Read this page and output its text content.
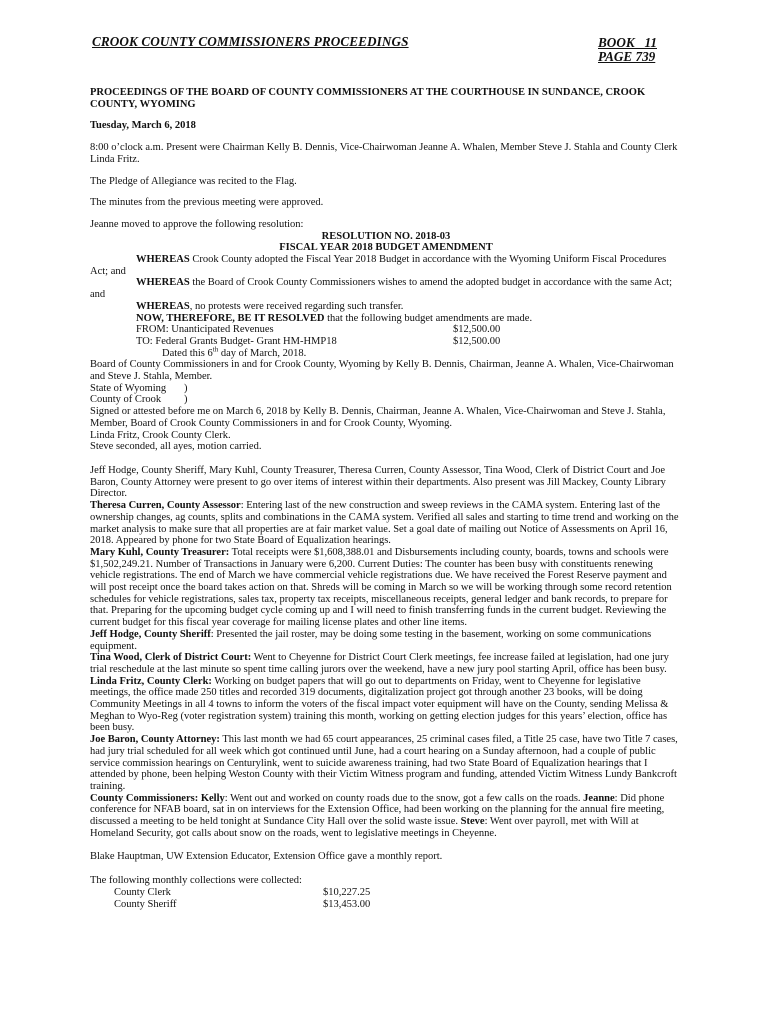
CROOK COUNTY COMMISSIONERS PROCEEDINGS	BOOK   11
PAGE 739

PROCEEDINGS OF THE BOARD OF COUNTY COMMISSIONERS AT THE COURTHOUSE IN SUNDANCE, CROOK COUNTY, WYOMING

Tuesday, March 6, 2018

8:00 o’clock a.m. Present were Chairman Kelly B. Dennis, Vice-Chairwoman Jeanne A. Whalen, Member Steve J. Stahla and County Clerk Linda Fritz.

The Pledge of Allegiance was recited to the Flag.

The minutes from the previous meeting were approved.

Jeanne moved to approve the following resolution:

RESOLUTION NO. 2018-03

FISCAL YEAR 2018 BUDGET AMENDMENT

WHEREAS Crook County adopted the Fiscal Year 2018 Budget in accordance with the Wyoming Uniform Fiscal Procedures Act; and

WHEREAS the Board of Crook County Commissioners wishes to amend the adopted budget in accordance with the same Act; and

WHEREAS, no protests were received regarding such transfer.

NOW, THEREFORE, BE IT RESOLVED that the following budget amendments are made.

FROM: Unanticipated Revenues	$12,500.00
TO: Federal Grants Budget- Grant HM-HMP18	$12,500.00

Dated this 6th day of March, 2018.

Board of County Commissioners in and for Crook County, Wyoming by Kelly B. Dennis, Chairman, Jeanne A. Whalen, Vice-Chairwoman and Steve J. Stahla, Member.

State of Wyoming	)
County of Crook	)

Signed or attested before me on March 6, 2018 by Kelly B. Dennis, Chairman, Jeanne A. Whalen, Vice-Chairwoman and Steve J. Stahla, Member, Board of Crook County Commissioners in and for Crook County, Wyoming.

Linda Fritz, Crook County Clerk.

Steve seconded, all ayes, motion carried.

Jeff Hodge, County Sheriff, Mary Kuhl, County Treasurer, Theresa Curren, County Assessor, Tina Wood, Clerk of District Court and Joe Baron, County Attorney were present to go over items of interest within their departments. Also present was Jill Mackey, County Library Director.

Theresa Curren, County Assessor: Entering last of the new construction and sweep reviews in the CAMA system. Entering last of the ownership changes, ag counts, splits and combinations in the CAMA system. Verified all sales and starting to time trend and working on the market analysis to make sure that all properties are at fair market value. Set a goal date of mailing out Notice of Assessments on April 16, 2018. Appeared by phone for two State Board of Equalization hearings.

Mary Kuhl, County Treasurer: Total receipts were $1,608,388.01 and Disbursements including county, boards, towns and schools were $1,502,249.21. Number of Transactions in January were 6,200. Current Duties: The counter has been busy with constituents renewing vehicle registrations. The end of March we have commercial vehicle registrations due. We have received the Forest Reserve payment and will post receipt once the board takes action on that. Shreds will be coming in March so we will be working through some record retention schedules for vehicle registrations, sales tax, property tax receipts, miscellaneous receipts, general ledger and bank records, to prepare for that. Preparing for the upcoming budget cycle coming up and I will need to finish transferring funds in the current budget. Reviewing the current budget for this fiscal year coverage for mailing license plates and other line items.

Jeff Hodge, County Sheriff: Presented the jail roster, may be doing some testing in the basement, working on some communications equipment.

Tina Wood, Clerk of District Court: Went to Cheyenne for District Court Clerk meetings, fee increase failed at legislation, had one jury trial reschedule at the last minute so spent time calling jurors over the weekend, have a new jury pool starting April, office has been busy.

Linda Fritz, County Clerk: Working on budget papers that will go out to departments on Friday, went to Cheyenne for legislative meetings, the office made 250 titles and recorded 319 documents, digitalization project got through another 23 books, will be doing Community Meetings in all 4 towns to inform the voters of the fiscal impact voter equipment will have on the County, sending Melissa & Meghan to Wyo-Reg (voter registration system) training this month, working on getting election judges for this years’ election, office has been busy.

Joe Baron, County Attorney: This last month we had 65 court appearances, 25 criminal cases filed, a Title 25 case, have two Title 7 cases, had jury trial scheduled for all week which got continued until June, had a court hearing on a Sunday afternoon, had a couple of public service commission hearings on Centurylink, went to suicide awareness training, had two State Board of Equalization hearings that I attended by phone, been helping Weston County with their Victim Witness program and funding, attended Victim Witness Lundy Bankcroft training.

County Commissioners: Kelly: Went out and worked on county roads due to the snow, got a few calls on the roads. Jeanne: Did phone conference for NFAB board, sat in on interviews for the Extension Office, had been working on the planning for the annual fire meeting, discussed a meeting to be held tonight at Sundance City Hall over the solid waste issue. Steve: Went over payroll, met with Will at Homeland Security, got calls about snow on the roads, went to legislative meetings in Cheyenne.

Blake Hauptman, UW Extension Educator, Extension Office gave a monthly report.

The following monthly collections were collected:

County Clerk	$10,227.25
County Sheriff	$13,453.00
